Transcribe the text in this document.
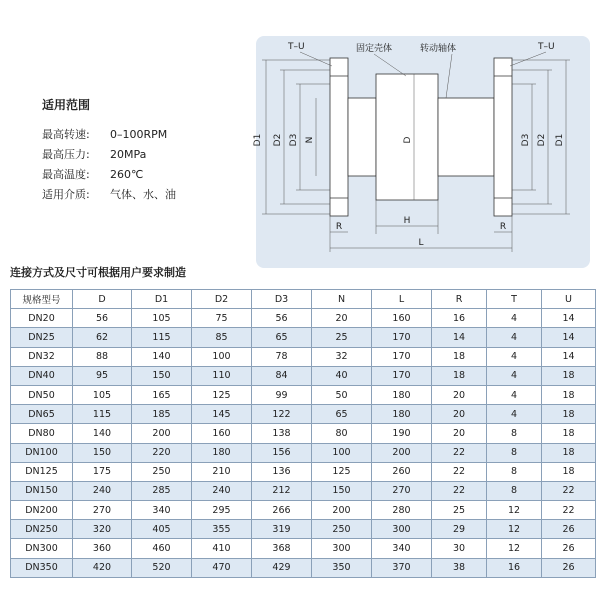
适用范围
最高转速:	0–100RPM
最高压力:	20MPa
最高温度:	260℃
适用介质:	气体、水、油
T–U	T–U
固定壳体	转动轴体
D1 D2 D3 N	D	D3 D2 D1
R
H
R
L
连接方式及尺寸可根据用户要求制造
规格型号	D	D1	D2	D3	N	L	R	T	U
DN20	56	105	75	56	20	160	16	4	14
DN25	62	115	85	65	25	170	14	4	14
DN32	88	140	100	78	32	170	18	4	14
DN40	95	150	110	84	40	170	18	4	18
DN50	105	165	125	99	50	180	20	4	18
DN65	115	185	145	122	65	180	20	4	18
DN80	140	200	160	138	80	190	20	8	18
DN100	150	220	180	156	100	200	22	8	18
DN125	175	250	210	136	125	260	22	8	18
DN150	240	285	240	212	150	270	22	8	22
DN200	270	340	295	266	200	280	25	12	22
DN250	320	405	355	319	250	300	29	12	26
DN300	360	460	410	368	300	340	30	12	26
DN350	420	520	470	429	350	370	38	16	26
